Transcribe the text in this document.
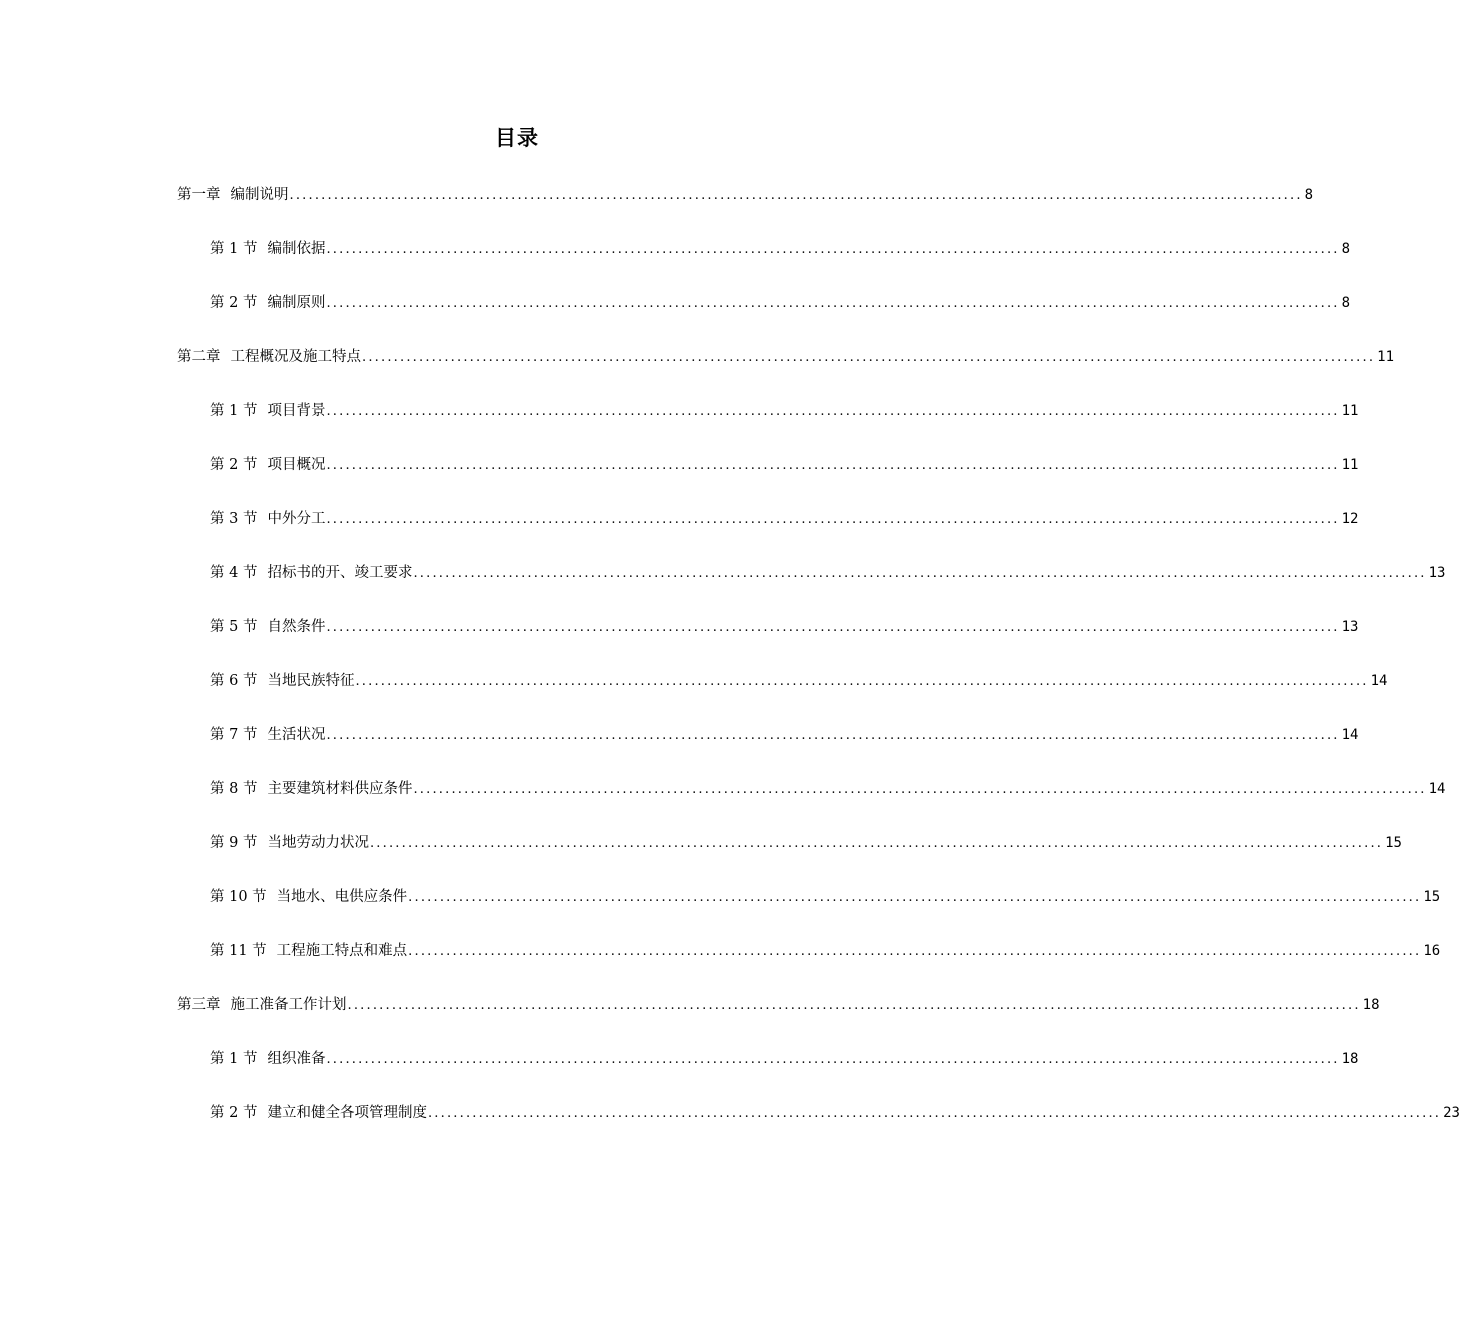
目录
第一章 编制说明 ................................................................................................................................................................ 8
第 1 节 编制依据 ................................................................................................................................................................ 8
第 2 节 编制原则 ................................................................................................................................................................ 8
第二章 工程概况及施工特点 ................................................................................................................................................................ 11
第 1 节 项目背景 ................................................................................................................................................................ 11
第 2 节 项目概况 ................................................................................................................................................................ 11
第 3 节 中外分工 ................................................................................................................................................................ 12
第 4 节 招标书的开、竣工要求 ................................................................................................................................................................ 13
第 5 节 自然条件 ................................................................................................................................................................ 13
第 6 节 当地民族特征 ................................................................................................................................................................ 14
第 7 节 生活状况 ................................................................................................................................................................ 14
第 8 节 主要建筑材料供应条件 ................................................................................................................................................................ 14
第 9 节 当地劳动力状况 ................................................................................................................................................................ 15
第 10 节 当地水、电供应条件 ................................................................................................................................................................ 15
第 11 节 工程施工特点和难点 ................................................................................................................................................................ 16
第三章 施工准备工作计划 ................................................................................................................................................................ 18
第 1 节 组织准备 ................................................................................................................................................................ 18
第 2 节 建立和健全各项管理制度 ................................................................................................................................................................ 23
